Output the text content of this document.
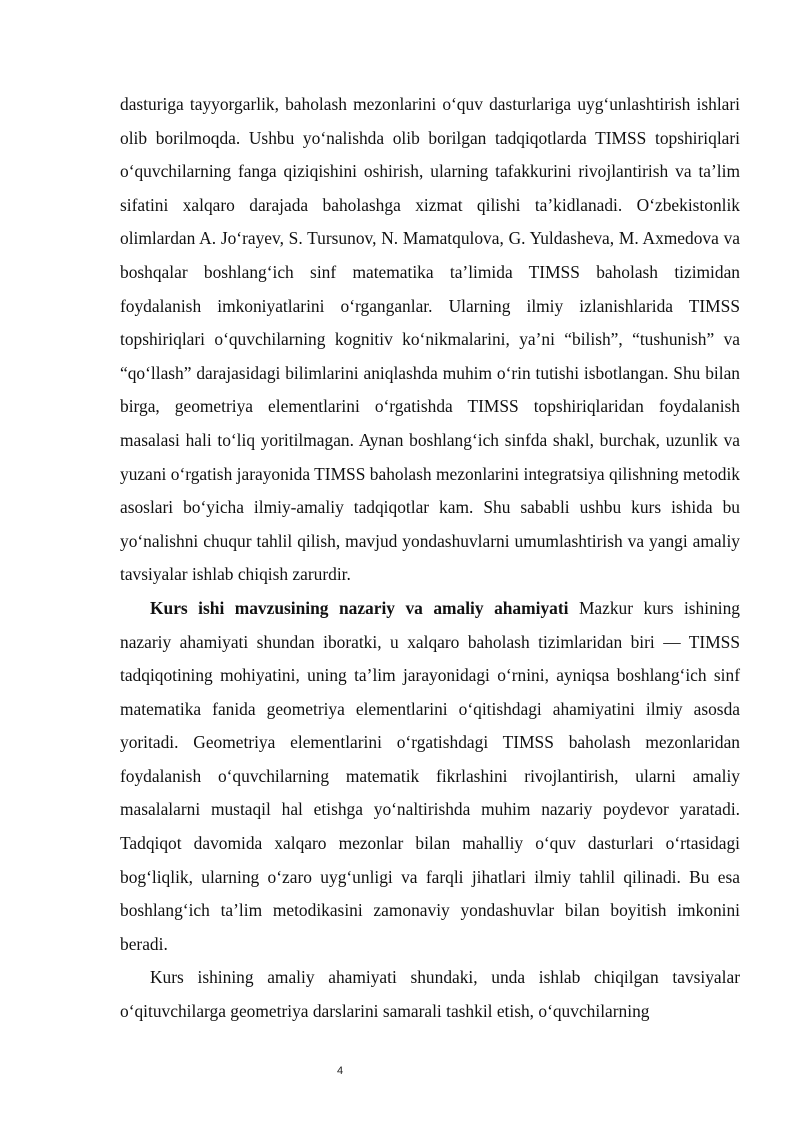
dasturiga tayyorgarlik, baholash mezonlarini o‘quv dasturlariga uyg‘unlashtirish ishlari olib borilmoqda. Ushbu yo‘nalishda olib borilgan tadqiqotlarda TIMSS topshiriqlari o‘quvchilarning fanga qiziqishini oshirish, ularning tafakkurini rivojlantirish va ta’lim sifatini xalqaro darajada baholashga xizmat qilishi ta’kidlanadi. O‘zbekistonlik olimlardan A. Jo‘rayev, S. Tursunov, N. Mamatqulova, G. Yuldasheva, M. Axmedova va boshqalar boshlang‘ich sinf matematika ta’limida TIMSS baholash tizimidan foydalanish imkoniyatlarini o‘rganganlar. Ularning ilmiy izlanishlarida TIMSS topshiriqlari o‘quvchilarning kognitiv ko‘nikmalarini, ya’ni “bilish”, “tushunish” va “qo‘llash” darajasidagi bilimlarini aniqlashda muhim o‘rin tutishi isbotlangan. Shu bilan birga, geometriya elementlarini o‘rgatishda TIMSS topshiriqlaridan foydalanish masalasi hali to‘liq yoritilmagan. Aynan boshlang‘ich sinfda shakl, burchak, uzunlik va yuzani o‘rgatish jarayonida TIMSS baholash mezonlarini integratsiya qilishning metodik asoslari bo‘yicha ilmiy-amaliy tadqiqotlar kam. Shu sababli ushbu kurs ishida bu yo‘nalishni chuqur tahlil qilish, mavjud yondashuvlarni umumlashtirish va yangi amaliy tavsiyalar ishlab chiqish zarurdir.

Kurs ishi mavzusining nazariy va amaliy ahamiyati Mazkur kurs ishining nazariy ahamiyati shundan iboratki, u xalqaro baholash tizimlaridan biri — TIMSS tadqiqotining mohiyatini, uning ta’lim jarayonidagi o‘rnini, ayniqsa boshlang‘ich sinf matematika fanida geometriya elementlarini o‘qitishdagi ahamiyatini ilmiy asosda yoritadi. Geometriya elementlarini o‘rgatishdagi TIMSS baholash mezonlaridan foydalanish o‘quvchilarning matematik fikrlashini rivojlantirish, ularni amaliy masalalarni mustaqil hal etishga yo‘naltirishda muhim nazariy poydevor yaratadi. Tadqiqot davomida xalqaro mezonlar bilan mahalliy o‘quv dasturlari o‘rtasidagi bog‘liqlik, ularning o‘zaro uyg‘unligi va farqli jihatlari ilmiy tahlil qilinadi. Bu esa boshlang‘ich ta’lim metodikasini zamonaviy yondashuvlar bilan boyitish imkonini beradi.

Kurs ishining amaliy ahamiyati shundaki, unda ishlab chiqilgan tavsiyalar o‘qituvchilarga geometriya darslarini samarali tashkil etish, o‘quvchilarning

4
